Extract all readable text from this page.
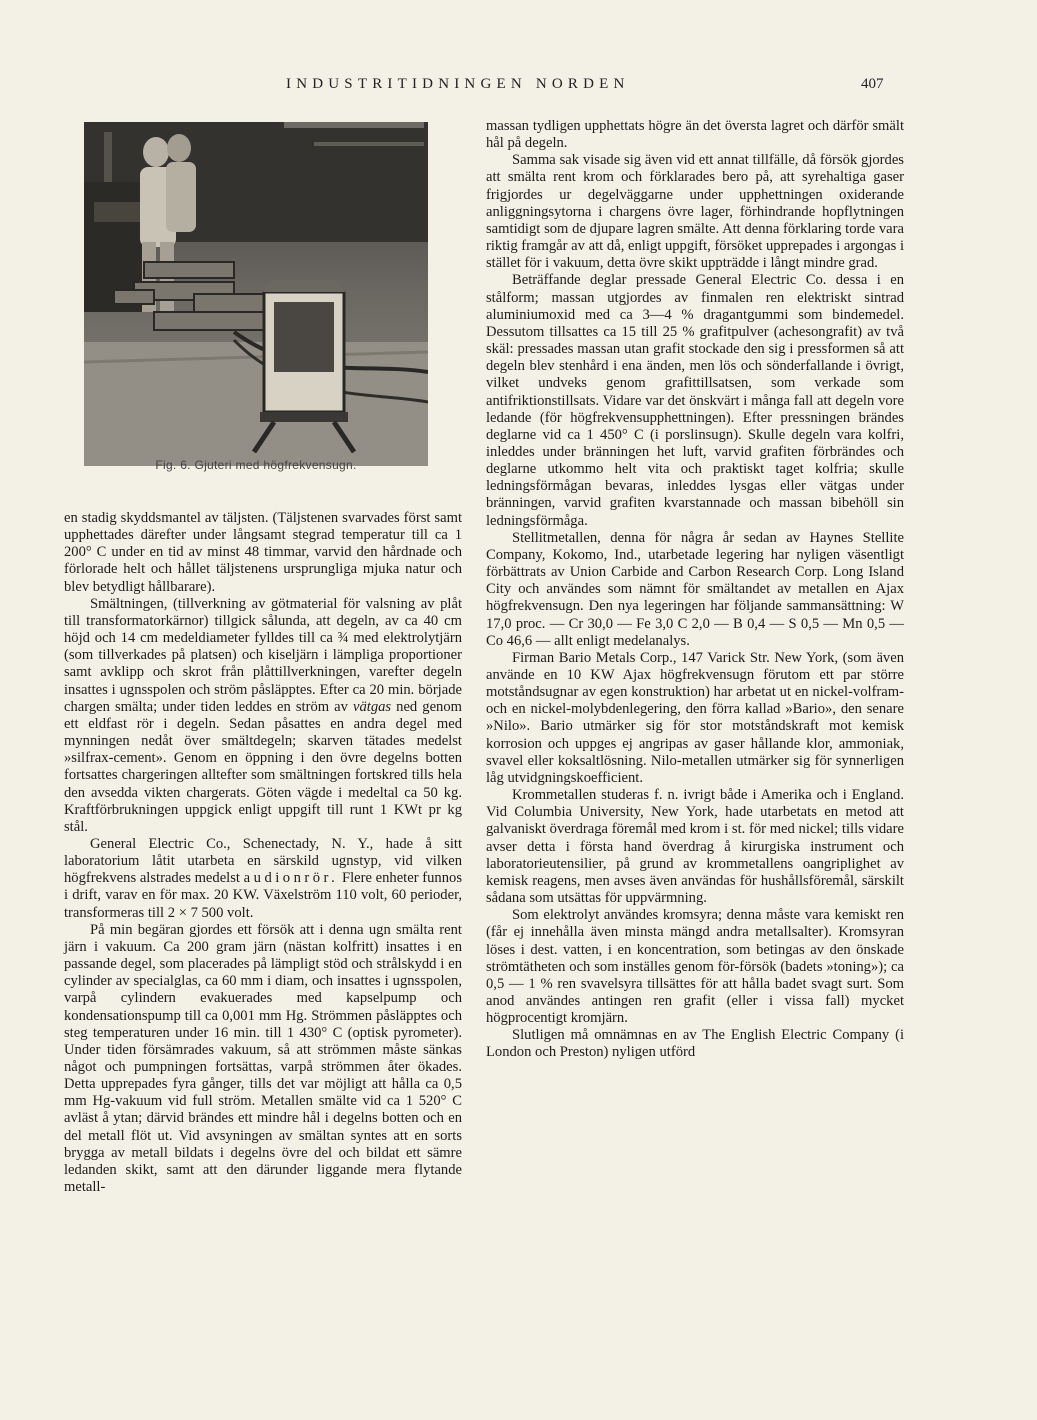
INDUSTRITIDNINGEN NORDEN	407
Fig. 6. Gjuteri med högfrekvensugn.

en stadig skyddsmantel av täljsten. (Täljstenen svarvades först samt upphettades därefter under långsamt stegrad temperatur till ca 1 200° C under en tid av minst 48 timmar, varvid den hårdnade och förlorade helt och hållet täljstenens ursprungliga mjuka natur och blev betydligt hållbarare).

Smältningen, (tillverkning av götmaterial för valsning av plåt till transformatorkärnor) tillgick sålunda, att degeln, av ca 40 cm höjd och 14 cm medeldiameter fylldes till ca ¾ med elektrolytjärn (som tillverkades på platsen) och kiseljärn i lämpliga proportioner samt avklipp och skrot från plåttillverkningen, varefter degeln insattes i ugnsspolen och ström påsläpptes. Efter ca 20 min. började chargen smälta; under tiden leddes en ström av vätgas ned genom ett eldfast rör i degeln. Sedan påsattes en andra degel med mynningen nedåt över smältdegeln; skarven tätades medelst »silfrax-cement». Genom en öppning i den övre degelns botten fortsattes chargeringen alltefter som smältningen fortskred tills hela den avsedda vikten chargerats. Göten vägde i medeltal ca 50 kg. Kraftförbrukningen uppgick enligt uppgift till runt 1 KWt pr kg stål.

General Electric Co., Schenectady, N. Y., hade å sitt laboratorium låtit utarbeta en särskild ugnstyp, vid vilken högfrekvens alstrades medelst audionrör. Flere enheter funnos i drift, varav en för max. 20 KW. Växelström 110 volt, 60 perioder, transformeras till 2 × 7 500 volt.

På min begäran gjordes ett försök att i denna ugn smälta rent järn i vakuum. Ca 200 gram järn (nästan kolfritt) insattes i en passande degel, som placerades på lämpligt stöd och strålskydd i en cylinder av specialglas, ca 60 mm i diam, och insattes i ugnsspolen, varpå cylindern evakuerades med kapselpump och kondensationspump till ca 0,001 mm Hg. Strömmen påsläpptes och steg temperaturen under 16 min. till 1 430° C (optisk pyrometer). Under tiden försämrades vakuum, så att strömmen måste sänkas något och pumpningen fortsättas, varpå strömmen åter ökades. Detta upprepades fyra gånger, tills det var möjligt att hålla ca 0,5 mm Hg-vakuum vid full ström. Metallen smälte vid ca 1 520° C avläst å ytan; därvid brändes ett mindre hål i degelns botten och en del metall flöt ut. Vid avsyningen av smältan syntes att en sorts brygga av metall bildats i degelns övre del och bildat ett sämre ledanden skikt, samt att den därunder liggande mera flytande metall-

massan tydligen upphettats högre än det översta lagret och därför smält hål på degeln.

Samma sak visade sig även vid ett annat tillfälle, då försök gjordes att smälta rent krom och förklarades bero på, att syrehaltiga gaser frigjordes ur degelväggarne under upphettningen oxiderande anliggningsytorna i chargens övre lager, förhindrande hopflytningen samtidigt som de djupare lagren smälte. Att denna förklaring torde vara riktig framgår av att då, enligt uppgift, försöket upprepades i argongas i stället för i vakuum, detta övre skikt uppträdde i långt mindre grad.

Beträffande deglar pressade General Electric Co. dessa i en stålform; massan utgjordes av finmalen ren elektriskt sintrad aluminiumoxid med ca 3—4 % dragantgummi som bindemedel. Dessutom tillsattes ca 15 till 25 % grafitpulver (achesongrafit) av två skäl: pressades massan utan grafit stockade den sig i pressformen så att degeln blev stenhård i ena änden, men lös och sönderfallande i övrigt, vilket undveks genom grafittillsatsen, som verkade som antifriktionstillsats. Vidare var det önskvärt i många fall att degeln vore ledande (för högfrekvensupphettningen). Efter pressningen brändes deglarne vid ca 1 450° C (i porslinsugn). Skulle degeln vara kolfri, inleddes under bränningen het luft, varvid grafiten förbrändes och deglarne utkommo helt vita och praktiskt taget kolfria; skulle ledningsförmågan bevaras, inleddes lysgas eller vätgas under bränningen, varvid grafiten kvarstannade och massan bibehöll sin ledningsförmåga.

Stellitmetallen, denna för några år sedan av Haynes Stellite Company, Kokomo, Ind., utarbetade legering har nyligen väsentligt förbättrats av Union Carbide and Carbon Research Corp. Long Island City och användes som nämnt för smältandet av metallen en Ajax högfrekvensugn. Den nya legeringen har följande sammansättning: W 17,0 proc. — Cr 30,0 — Fe 3,0 C 2,0 — B 0,4 — S 0,5 — Mn 0,5 — Co 46,6 — allt enligt medelanalys.

Firman Bario Metals Corp., 147 Varick Str. New York, (som även använde en 10 KW Ajax högfrekvensugn förutom ett par större motståndsugnar av egen konstruktion) har arbetat ut en nickel-volfram- och en nickel-molybdenlegering, den förra kallad »Bario», den senare »Nilo». Bario utmärker sig för stor motståndskraft mot kemisk korrosion och uppges ej angripas av gaser hållande klor, ammoniak, svavel eller koksaltlösning. Nilo-metallen utmärker sig för synnerligen låg utvidgningskoefficient.

Krommetallen studeras f. n. ivrigt både i Amerika och i England. Vid Columbia University, New York, hade utarbetats en metod att galvaniskt överdraga föremål med krom i st. för med nickel; tills vidare avser detta i första hand överdrag å kirurgiska instrument och laboratorieutensilier, på grund av krommetallens oangriplighet av kemisk reagens, men avses även användas för hushållsföremål, särskilt sådana som utsättas för uppvärmning.

Som elektrolyt användes kromsyra; denna måste vara kemiskt ren (får ej innehålla även minsta mängd andra metallsalter). Kromsyran löses i dest. vatten, i en koncentration, som betingas av den önskade strömtätheten och som inställes genom för-försök (badets »toning»); ca 0,5 — 1 % ren svavelsyra tillsättes för att hålla badet svagt surt. Som anod användes antingen ren grafit (eller i vissa fall) mycket högprocentigt kromjärn.

Slutligen må omnämnas en av The English Electric Company (i London och Preston) nyligen utförd
